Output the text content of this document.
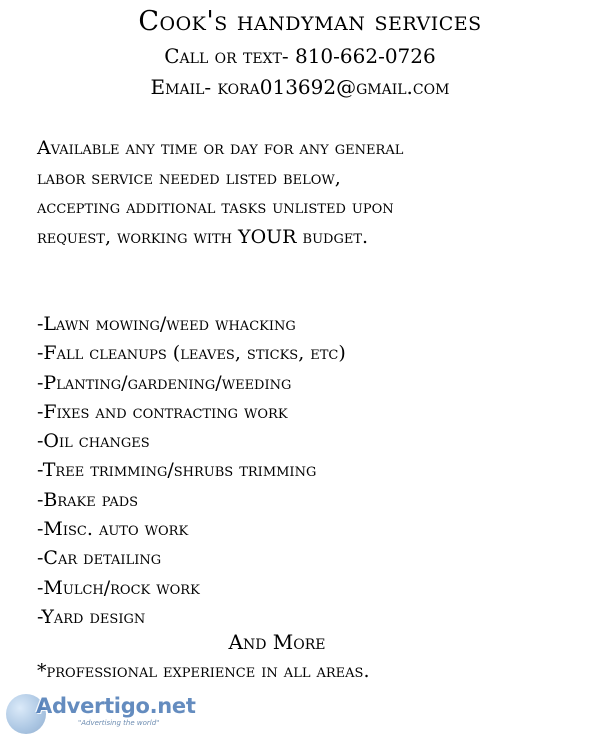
Cook's handyman services
Call or text- 810-662-0726
Email- kora013692@gmail.com
Available any time or day for any general
labor service needed listed below,
accepting additional tasks unlisted upon
request, working with YOUR budget.
-Lawn mowing/weed whacking
-Fall cleanups (leaves, sticks, etc)
-Planting/gardening/weeding
-Fixes and contracting work
-Oil changes
-Tree trimming/shrubs trimming
-Brake pads
-Misc. auto work
-Car detailing
-Mulch/rock work
-Yard design
And More
*professional experience in all areas.
Advertigo.net
"Advertising the world"
